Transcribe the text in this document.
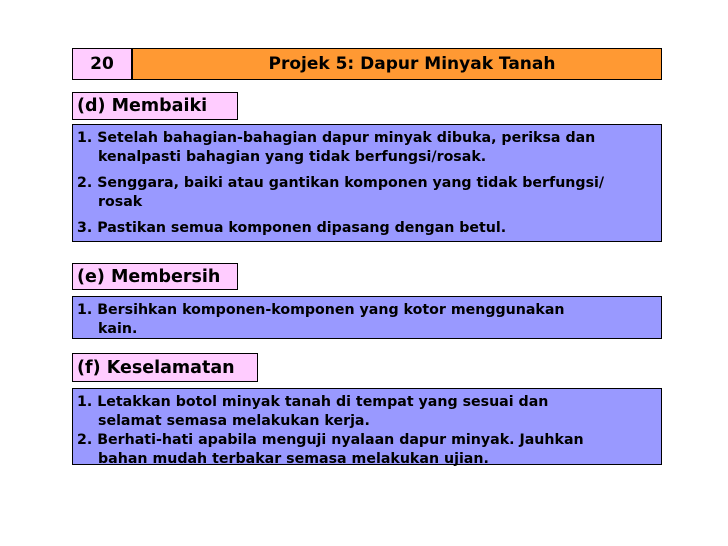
20	Projek 5: Dapur Minyak Tanah
(d) Membaiki
1. Setelah bahagian-bahagian dapur minyak dibuka, periksa dan
kenalpasti bahagian yang tidak berfungsi/rosak.
2. Senggara, baiki atau gantikan komponen yang tidak berfungsi/
rosak
3. Pastikan semua komponen dipasang dengan betul.
(e) Membersih
1. Bersihkan komponen-komponen yang kotor menggunakan
kain.
(f) Keselamatan
1. Letakkan botol minyak tanah di tempat yang sesuai dan
selamat semasa melakukan kerja.
2. Berhati-hati apabila menguji nyalaan dapur minyak. Jauhkan
bahan mudah terbakar semasa melakukan ujian.
